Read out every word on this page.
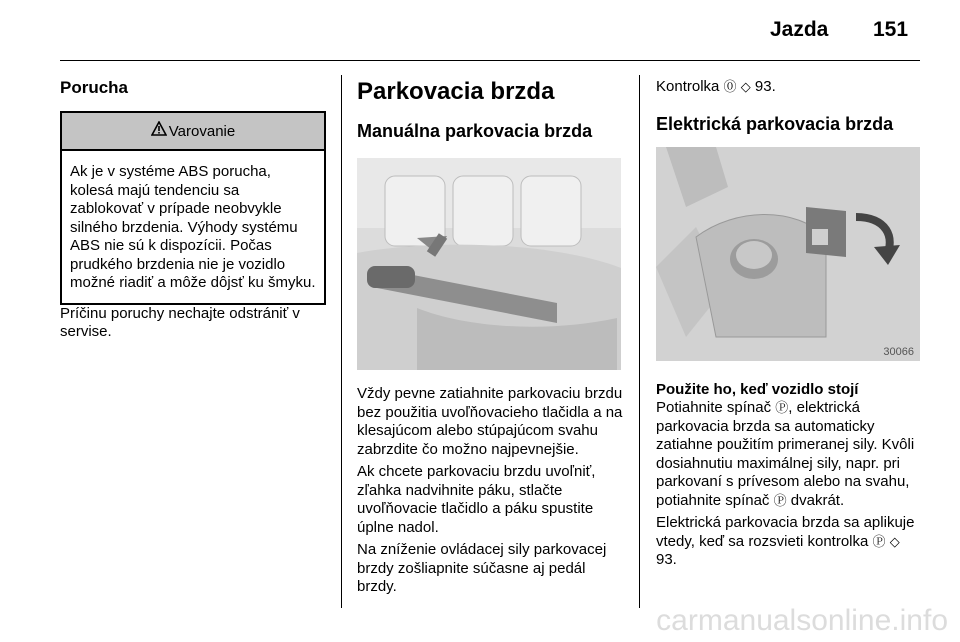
Jazda 151
Porucha
Varovanie
Ak je v systéme ABS porucha, kolesá majú tendenciu sa zablokovať v prípade neobvykle silného brzdenia. Výhody systému ABS nie sú k dispozícii. Počas prudkého brzdenia nie je vozidlo možné riadiť a môže dôjsť ku šmyku.

Príčinu poruchy nechajte odstrániť v servise.

Parkovacia brzda
Manuálna parkovacia brzda

Vždy pevne zatiahnite parkovaciu brzdu bez použitia uvoľňovacieho tlačidla a na klesajúcom alebo stúpajúcom svahu zabrzdite čo možno najpevnejšie.

Ak chcete parkovaciu brzdu uvoľniť, zľahka nadvihnite páku, stlačte uvoľňovacie tlačidlo a páku spustite úplne nadol.

Na zníženie ovládacej sily parkovacej brzdy zošliapnite súčasne aj pedál brzdy.

Kontrolka ⓪ ◇ 93.

Elektrická parkovacia brzda
30066

Použite ho, keď vozidlo stojí

Potiahnite spínač Ⓟ, elektrická parkovacia brzda sa automaticky zatiahne použitím primeranej sily. Kvôli dosiahnutiu maximálnej sily, napr. pri parkovaní s prívesom alebo na svahu, potiahnite spínač Ⓟ dvakrát.

Elektrická parkovacia brzda sa aplikuje vtedy, keď sa rozsvieti kontrolka Ⓟ ◇ 93.

carmanualsonline.info
